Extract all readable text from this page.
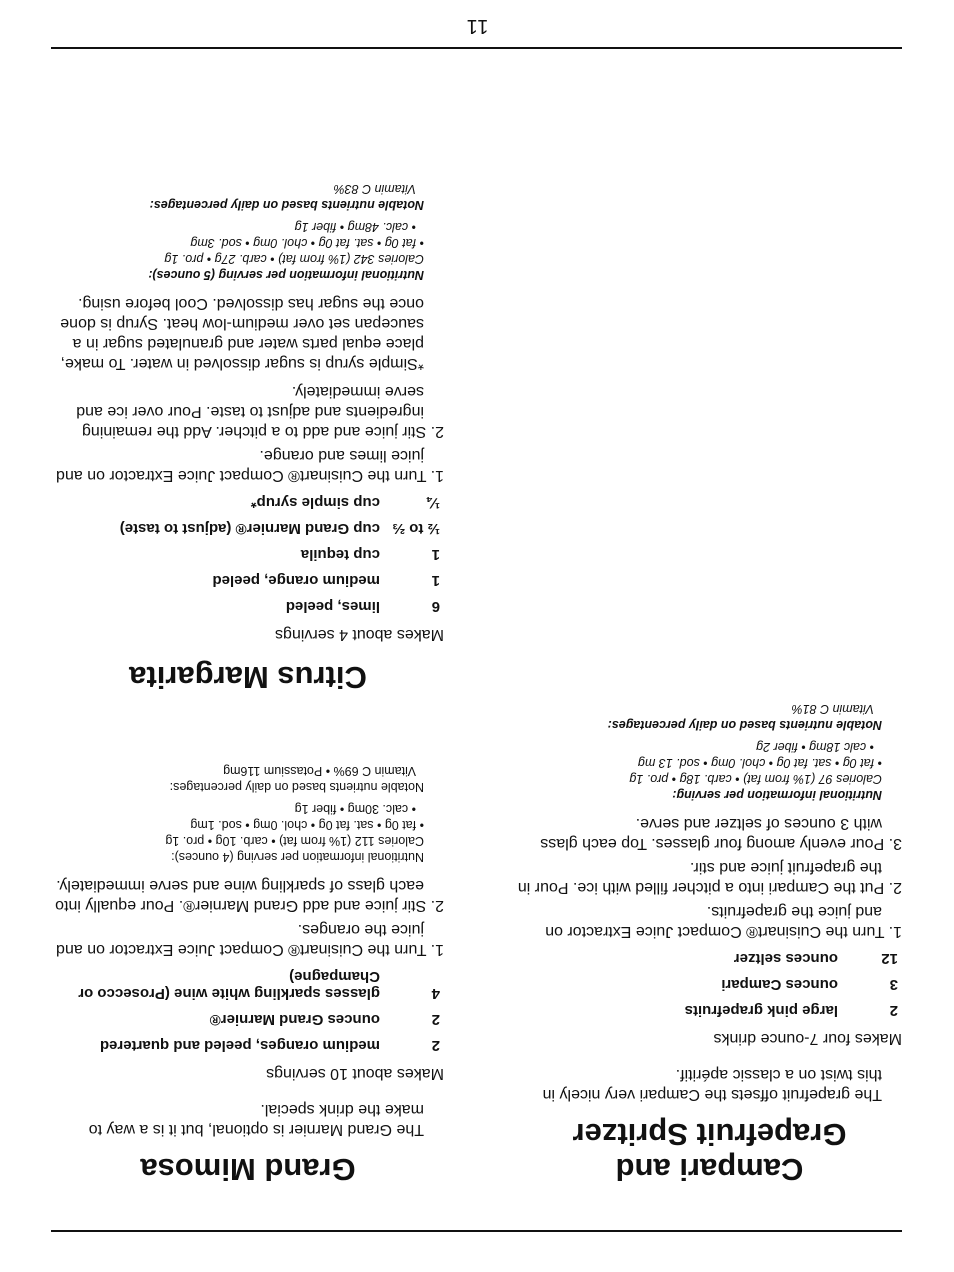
Campari and
Grapefruit Spritzer
The grapefruit offsets the Campari very nicely in this twist on a classic apéritif.
Makes four 7-ounce drinks
2
large pink grapefruits
3
ounces Campari
12
ounces seltzer
1. Turn the Cuisinart® Compact Juice Extractor on and juice the grapefruits.
2. Put the Campari into a pitcher filled with ice. Pour in the grapefruit juice and stir.
3. Pour evenly among four glasses. Top each glass with 3 ounces of seltzer and serve.
Nutritional information per serving:
Calories 97 (1% from fat) • carb. 18g • pro. 1g
• fat 0g • sat. fat 0g • chol. 0mg • sod. 13 mg
• calc 18mg • fiber 2g
Notable nutrients based on daily percentages:
Vitamin C 81%
Grand Mimosa
The Grand Marnier is optional, but it is a way to make the drink special.
Makes about 10 servings
2
medium oranges, peeled and quartered
2
ounces Grand Marnier®
4
glasses sparkling white wine (Prosecco or Champagne)
1. Turn the Cuisinart® Compact Juice Extractor on and juice the oranges.
2. Stir juice and add Grand Marnier®. Pour equally into each glass of sparkling wine and serve immediately.
Nutritional information per serving (4 ounces):
Calories 112 (1% from fat) • carb. 10g • pro. 1g
• fat 0g • sat. fat 0g • chol. 0mg • sod. 1mg
• calc. 30mg • fiber 1g
Notable nutrients based on daily percentages:
Vitamin C 69% • Potassium 116mg
Citrus Margarita
Makes about 4 servings
6
limes, peeled
1
medium orange, peeled
1
cup tequila
½ to ⅔
cup Grand Marnier® (adjust to taste)
¼
cup simple syrup*
1. Turn the Cuisinart® Compact Juice Extractor on and juice limes and orange.
2. Stir juice and add to a pitcher. Add the remaining ingredients and adjust to taste. Pour over ice and serve immediately.
*Simple syrup is sugar dissolved in water. To make, place equal parts water and granulated sugar in a saucepan set over medium-low heat. Syrup is done once the sugar has dissolved. Cool before using.
Nutritional information per serving (5 ounces):
Calories 342 (1% from fat) • carb. 27g • pro. 1g
• fat 0g • sat. fat 0g • chol. 0mg • sod. 3mg
• calc. 48mg • fiber 1g
Notable nutrients based on daily percentages:
Vitamin C 83%
11
